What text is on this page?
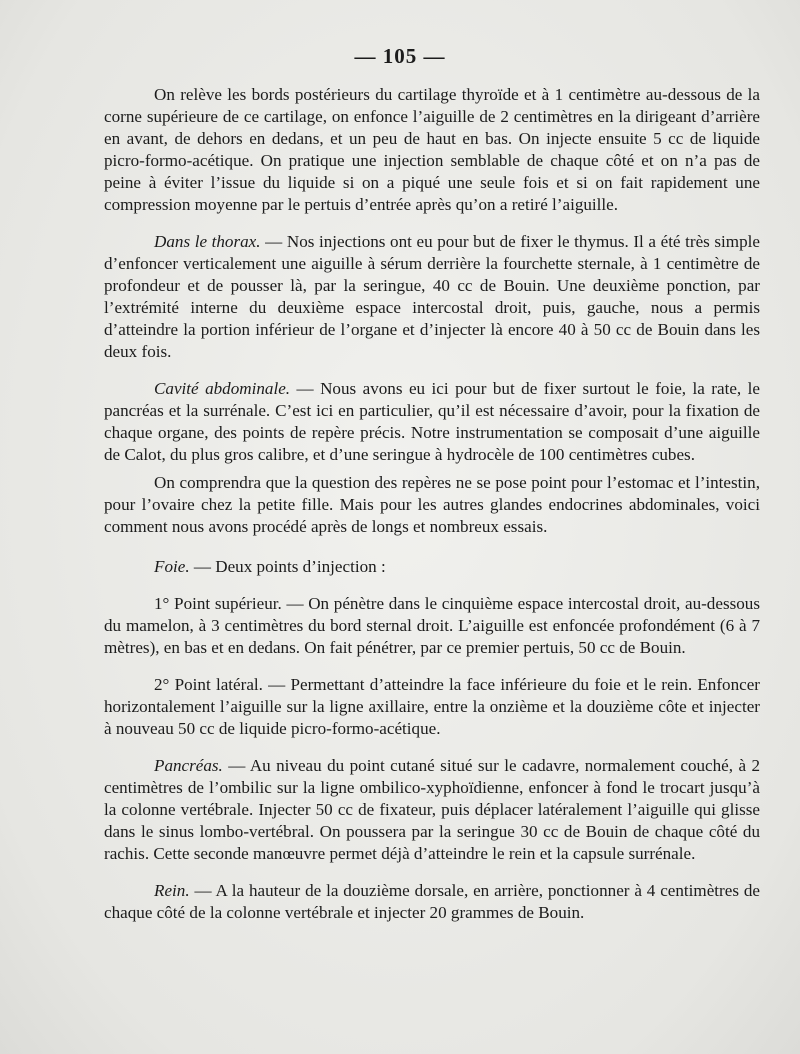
— 105 —

On relève les bords postérieurs du cartilage thyroïde et à 1 centimètre au-dessous de la corne supérieure de ce cartilage, on enfonce l’aiguille de 2 centimètres en la dirigeant d’arrière en avant, de dehors en dedans, et un peu de haut en bas. On injecte ensuite 5 cc de liquide picro-formo-acétique. On pratique une injection semblable de chaque côté et on n’a pas de peine à éviter l’issue du liquide si on a piqué une seule fois et si on fait rapidement une compression moyenne par le pertuis d’entrée après qu’on a retiré l’aiguille.

Dans le thorax. — Nos injections ont eu pour but de fixer le thymus. Il a été très simple d’enfoncer verticalement une aiguille à sérum derrière la fourchette sternale, à 1 centimètre de profondeur et de pousser là, par la seringue, 40 cc de Bouin. Une deuxième ponction, par l’extrémité interne du deuxième espace intercostal droit, puis, gauche, nous a permis d’atteindre la portion inférieur de l’organe et d’injecter là encore 40 à 50 cc de Bouin dans les deux fois.

Cavité abdominale. — Nous avons eu ici pour but de fixer surtout le foie, la rate, le pancréas et la surrénale. C’est ici en particulier, qu’il est nécessaire d’avoir, pour la fixation de chaque organe, des points de repère précis. Notre instrumentation se composait d’une aiguille de Calot, du plus gros calibre, et d’une seringue à hydrocèle de 100 centimètres cubes.

On comprendra que la question des repères ne se pose point pour l’estomac et l’intestin, pour l’ovaire chez la petite fille. Mais pour les autres glandes endocrines abdominales, voici comment nous avons procédé après de longs et nombreux essais.

Foie. — Deux points d’injection :

1° Point supérieur. — On pénètre dans le cinquième espace intercostal droit, au-dessous du mamelon, à 3 centimètres du bord sternal droit. L’aiguille est enfoncée profondément (6 à 7 mètres), en bas et en dedans. On fait pénétrer, par ce premier pertuis, 50 cc de Bouin.

2° Point latéral. — Permettant d’atteindre la face inférieure du foie et le rein. Enfoncer horizontalement l’aiguille sur la ligne axillaire, entre la onzième et la douzième côte et injecter à nouveau 50 cc de liquide picro-formo-acétique.

Pancréas. — Au niveau du point cutané situé sur le cadavre, normalement couché, à 2 centimètres de l’ombilic sur la ligne ombilico-xyphoïdienne, enfoncer à fond le trocart jusqu’à la colonne vertébrale. Injecter 50 cc de fixateur, puis déplacer latéralement l’aiguille qui glisse dans le sinus lombo-vertébral. On poussera par la seringue 30 cc de Bouin de chaque côté du rachis. Cette seconde manœuvre permet déjà d’atteindre le rein et la capsule surrénale.

Rein. — A la hauteur de la douzième dorsale, en arrière, ponctionner à 4 centimètres de chaque côté de la colonne vertébrale et injecter 20 grammes de Bouin.
